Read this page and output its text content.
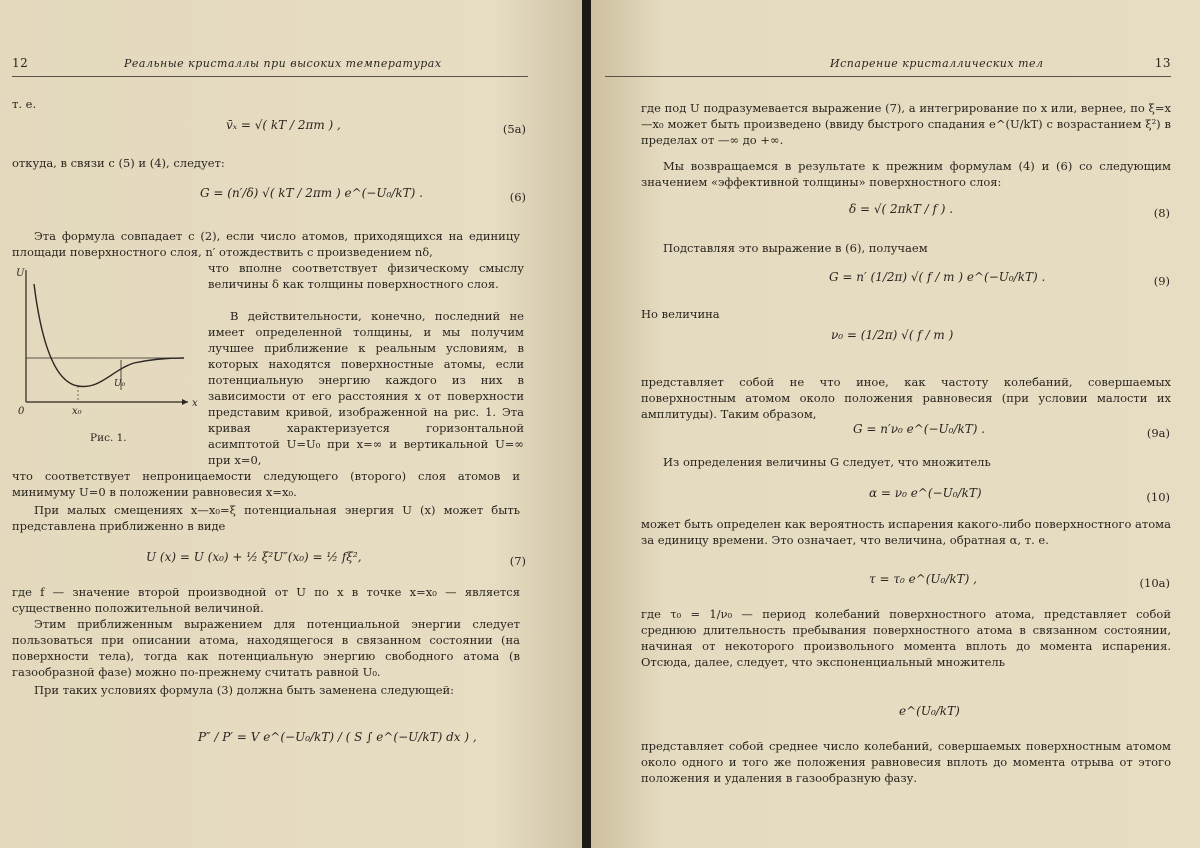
12	Реальные кристаллы при высоких температурах

т. е.

v̄ₓ = √( kT / 2πm ) ,	(5a)

откуда, в связи с (5) и (4), следует:

G = (n′/δ) √( kT / 2πm ) e^(−U₀/kT) .	(6)

Эта формула совпадает с (2), если число атомов, приходящихся на единицу площади поверхностного слоя, n′ отождествить с произведением nδ,

U
x
0	x₀
U₀
Рис. 1.

что вполне соответствует физическому смыслу величины δ как толщины поверхностного слоя.

В действительности, конечно, последний не имеет определенной толщины, и мы получим лучшее приближение к реальным условиям, в которых находятся поверхностные атомы, если потенциальную энергию каждого из них в зависимости от его расстояния x от поверхности представим кривой, изображенной на рис. 1. Эта кривая характеризуется горизонтальной асимптотой U=U₀ при x=∞ и вертикальной U=∞ при x=0,

что соответствует непроницаемости следующего (второго) слоя атомов и минимуму U=0 в положении равновесия x=x₀.

При малых смещениях x—x₀=ξ потенциальная энергия U (x) может быть представлена приближенно в виде

U (x) = U (x₀) + ½ ξ²U″(x₀) = ½ fξ²,	(7)

где f — значение второй производной от U по x в точке x=x₀ — является существенно положительной величиной.

Этим приближенным выражением для потенциальной энергии следует пользоваться при описании атома, находящегося в связанном состоянии (на поверхности тела), тогда как потенциальную энергию свободного атома (в газообразной фазе) можно по-прежнему считать равной U₀.

При таких условиях формула (3) должна быть заменена следующей:

P″ / P′ = V e^(−U₀/kT) / ( S ∫ e^(−U/kT) dx ) ,
Испарение кристаллических тел	13

где под U подразумевается выражение (7), а интегрирование по x или, вернее, по ξ=x—x₀ может быть произведено (ввиду быстрого спадания e^(U/kT) с возрастанием ξ²) в пределах от —∞ до +∞.

Мы возвращаемся в результате к прежним формулам (4) и (6) со следующим значением «эффективной толщины» поверхностного слоя:

δ = √( 2πkT / f ) .	(8)

Подставляя это выражение в (6), получаем

G = n′ (1/2π) √( f / m ) e^(−U₀/kT) .	(9)

Но величина

ν₀ = (1/2π) √( f / m )

представляет собой не что иное, как частоту колебаний, совершаемых поверхностным атомом около положения равновесия (при условии малости их амплитуды). Таким образом,

G = n′ν₀ e^(−U₀/kT) .	(9a)

Из определения величины G следует, что множитель

α = ν₀ e^(−U₀/kT)	(10)

может быть определен как вероятность испарения какого-либо поверхностного атома за единицу времени. Это означает, что величина, обратная α, т. е.

τ = τ₀ e^(U₀/kT) ,	(10a)

где τ₀ = 1/ν₀ — период колебаний поверхностного атома, представляет собой среднюю длительность пребывания поверхностного атома в связанном состоянии, начиная от некоторого произвольного момента вплоть до момента испарения. Отсюда, далее, следует, что экспоненциальный множитель

e^(U₀/kT)

представляет собой среднее число колебаний, совершаемых поверхностным атомом около одного и того же положения равновесия вплоть до момента отрыва от этого положения и удаления в газообразную фазу.
